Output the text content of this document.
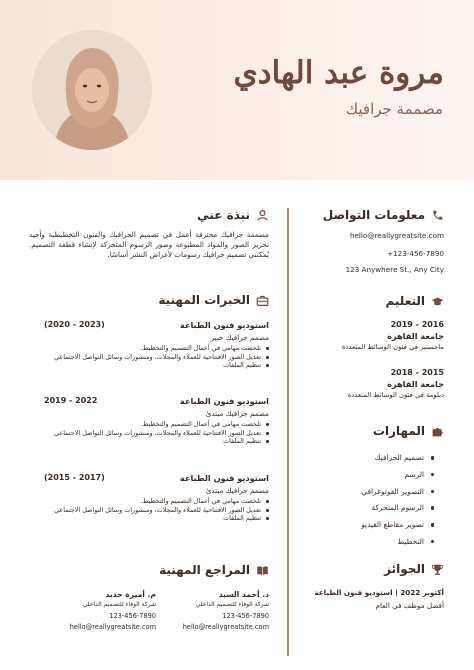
مروة عبد الهادي
مصممة جرافيك
معلومات التواصل
hello@reallygreatsite.com
+123-456-7890
123 Anywhere St., Any City
التعليم
2019 - 2016
جامعة القاهرة
ماجستير في فنون الوسائط المتعددة
2018 - 2015
جامعة القاهرة
دبلومة في فنون الوسائط المتعددة
المهارات
تصميم الجرافيك
الرسم
التصوير الفوتوغرافي
الرسوم المتحركة
تصوير مقاطع الفيديو
التخطيط
الجوائز
أكتوبر 2022 | استوديو فنون الطباعة
أفضل موظف في العام
نبذة عني
مصممة جرافيك محترفة أعمل في تصميم الجرافيك والفنون التخطيطية وأجيد تحرير الصور والمواد المطبوعة وصور الرسوم المتحركة لإنشاء قطعة التصميم. يُمكنني تصميم جرافيك رسومات لأغراض النشر أساسًا.
الخبرات المهنية
استوديو فنون الطباعة
(2020 - 2023)
مصمم جرافيك خبير
تلخصت مهامي في أعمال التصميم والتخطيط.
تعديل الصور الافتتاحية للعملاء والمجلات، ومنشورات وسائل التواصل الاجتماعي
تنظيم الملفات
استوديو فنون الطباعة
2019 - 2022
مصمم جرافيك مبتدئ
تلخصت مهامي في أعمال التصميم والتخطيط.
تعديل الصور الافتتاحية للعملاء والمجلات، ومنشورات وسائل التواصل الاجتماعي
تنظيم الملفات
استوديو فنون الطباعة
(2015 - 2017)
مصمم جرافيك مبتدئ
تلخصت مهامي في أعمال التصميم والتخطيط.
تعديل الصور الافتتاحية للعملاء والمجلات، ومنشورات وسائل التواصل الاجتماعي
تنظيم الملفات
المراجع المهنية
د. أحمد السيد
شركة الوفاء للتصميم الداخلي
123-456-7890
hello@reallygreatsite.com
م. أميرة حديد
شركة الوفاء للتصميم الداخلي
123-456-7890
hello@reallygreatsite.com
